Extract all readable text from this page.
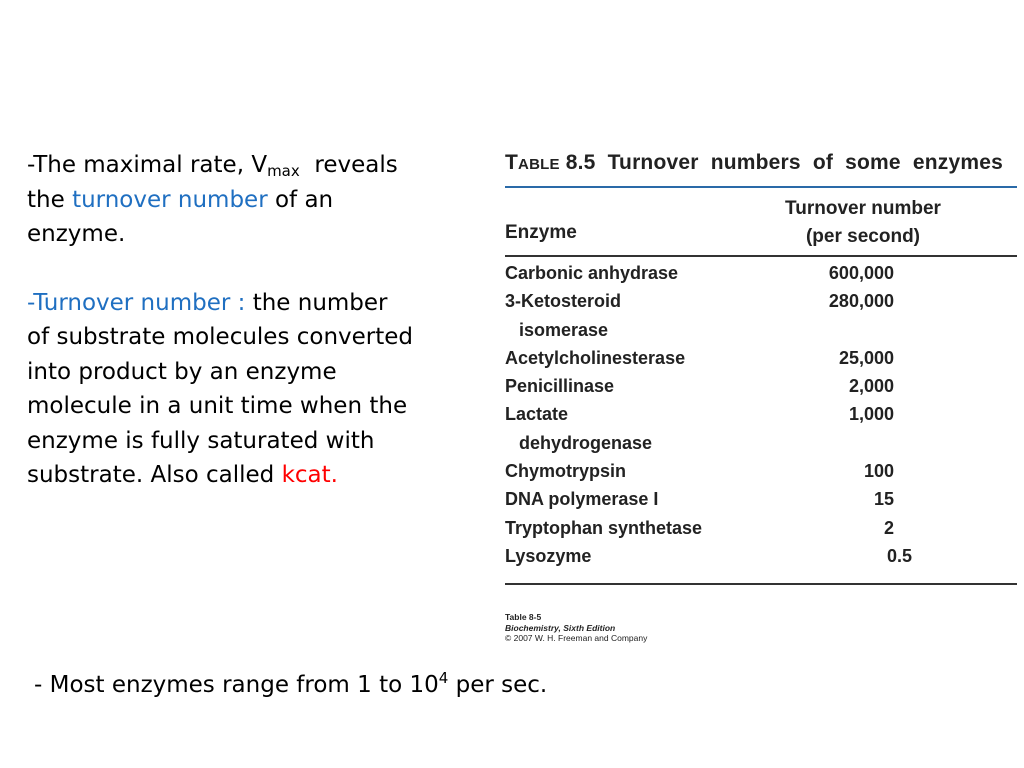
-The maximal rate, $V_{max}$  reveals
the turnover number of an
enzyme.

-Turnover number : the number
of substrate molecules converted
into product by an enzyme
molecule in a unit time when the
enzyme is fully saturated with
substrate. Also called kcat.

TABLE 8.5  Turnover  numbers  of  some  enzymes
Enzyme
Turnover number
(per second)
Carbonic anhydrase	600,000
3-Ketosteroid	280,000
isomerase
Acetylcholinesterase	25,000
Penicillinase	2,000
Lactate	1,000
dehydrogenase
Chymotrypsin	100
DNA polymerase I	15
Tryptophan synthetase	2
Lysozyme	0.5
Table 8-5
Biochemistry, Sixth Edition
© 2007 W. H. Freeman and Company
- Most enzymes range from 1 to $10^4$ per sec.
